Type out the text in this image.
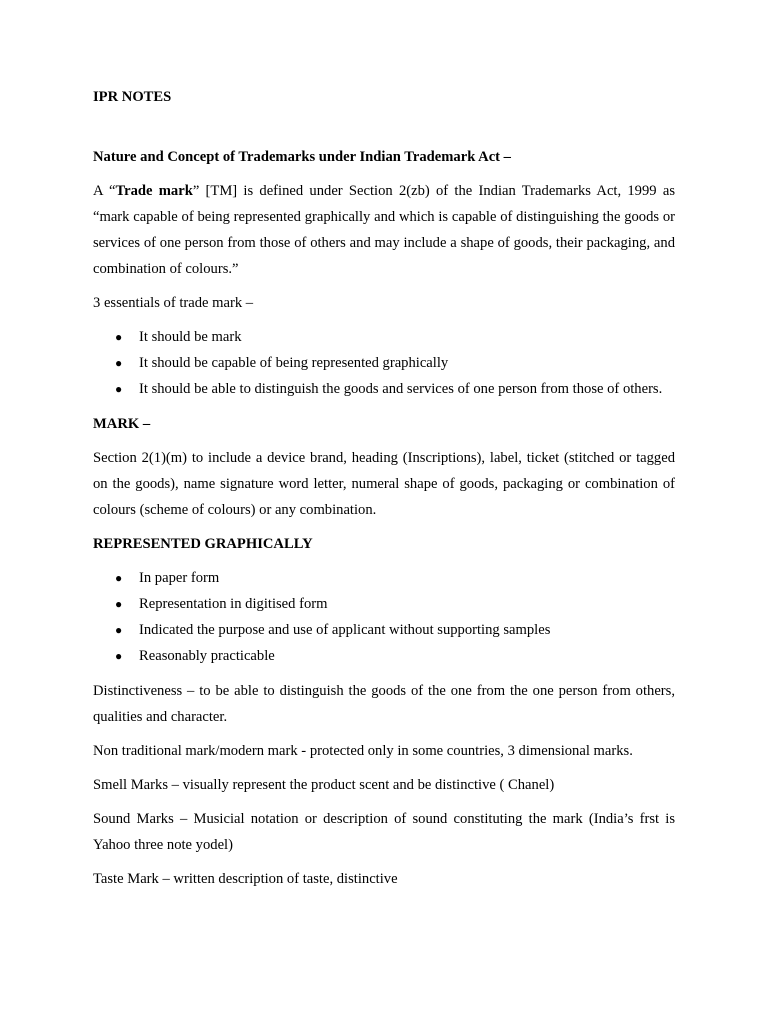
IPR NOTES

Nature and Concept of Trademarks under Indian Trademark Act –

A “Trade mark” [TM] is defined under Section 2(zb) of the Indian Trademarks Act, 1999 as “mark capable of being represented graphically and which is capable of distinguishing the goods or services of one person from those of others and may include a shape of goods, their packaging, and combination of colours.”

3 essentials of trade mark –

● It should be mark
● It should be capable of being represented graphically
● It should be able to distinguish the goods and services of one person from those of others.

MARK –

Section 2(1)(m) to include a device brand, heading (Inscriptions), label, ticket (stitched or tagged on the goods), name signature word letter, numeral shape of goods, packaging or combination of colours (scheme of colours) or any combination.

REPRESENTED GRAPHICALLY

● In paper form
● Representation in digitised form
● Indicated the purpose and use of applicant without supporting samples
● Reasonably practicable

Distinctiveness – to be able to distinguish the goods of the one from the one person from others, qualities and character.

Non traditional mark/modern mark - protected only in some countries, 3 dimensional marks.

Smell Marks – visually represent the product scent and be distinctive ( Chanel)

Sound Marks – Musicial notation or description of sound constituting the mark (India’s frst is Yahoo three note yodel)

Taste Mark – written description of taste, distinctive
